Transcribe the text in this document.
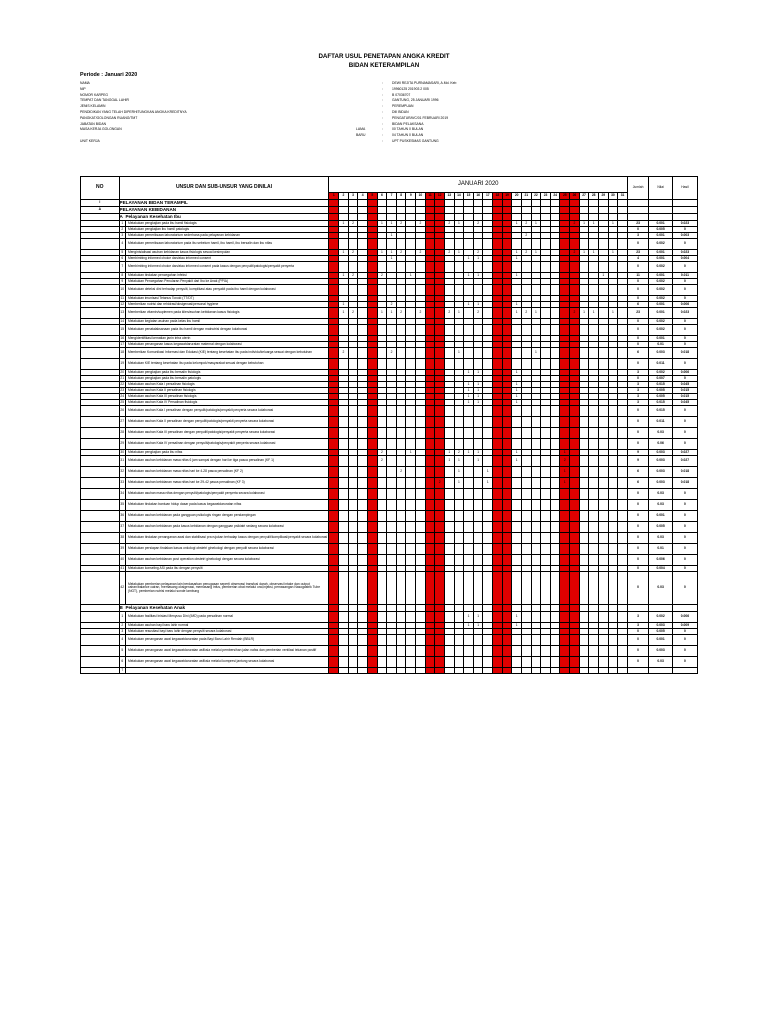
DAFTAR USUL PENETAPAN ANGKA KREDIT
BIDAN KETERAMPILAN
Periode : Januari 2020
NAMA	:	DEWI REJITA PURNAMASARI, A.Md. Keb
NIP	:	19960125 201903 2 005
NOMOR KARPEG	:	B 07036707
TEMPAT DAN TANGGAL LAHIR	:	GANTUNG, 25 JANUARI 1996
JENIS KELAMIN	:	PEREMPUAN
PENDIDIKAN YANG TELAH DIPERHITUNGKAN ANGKA KREDITNYA	:	DIII BIDAN
PANGKAT/GOLONGAN RUANG/TMT	:	PENGATUR/II/C/01 FEBRUARI 2019
JABATAN BIDAN	:	BIDAN PELAKSANA
MASA KERJA GOLONGAN	LAMA	:	00 TAHUN 0 BULAN
BARU	:	04 TAHUN 0 BULAN
UNIT KERJA	:	UPT PUSKESMAS GANTUNG
NO	UNSUR DAN SUB-UNSUR YANG DINILAI		JANUARI 2020																															Jumlah	Nilai	Hasil
			1	2	3	4	5	6	7	8	9	10	11	12	13	14	15	16	17	18	19	20	21	22	23	24	25	26	27	28	29	30	31			
I	PELAYANAN BIDAN TERAMPIL																																			
A	PELAYANAN KEBIDANAN																																			
	A Pelayanan Kesehatan Ibu																																			
	1	Melakukan pengkajian pada ibu hamil fisiologis		1	2			1	1	2		2			2	1		2				1	2	1				2	1	1		1		23	0.001	0.023
	2	Melakukan pengkajian ibu hamil patologis																																0	0.005	0
	3	Melakukan pemeriksaan laboratorium sederhana pada pelayanan kebidanan							1														2											3	0.001	0.003
	4	Melakukan pemeriksaan laboratorium pada ibu sebelum hamil, ibu hamil, ibu bersalin dan ibu nifas																																0	0.002	0
	5	Menginisialisasi asuhan kebidanan kasus fisiologis sesuai kesimpulan		1	2			1	1	2		2			2	1		2				1	2	1				2	1	1		1		23	0.001	0.023
	6	Membimbing informed choice dan/atau informed consent							1								1	1				1												4	0.001	0.004
	7	Membimbing informed choice dan/atau informed consent pada kasus dengan penyulit/patologis/penyakit penyerta																																0	0.002	0
	8	Melakukan tindakan pencegahan infeksi		1	2			2			1						1	1				1									1			11	0.001	0.011
	9	Melakukan Pencegahan Penularan Penyakit dari Ibu ke Anak (PPIA)																																0	0.002	0
	10	Melakukan deteksi dini terhadap penyulit, komplikasi atau penyakit pada ibu hamil dengan kolaborasi																																0	0.002	0
	11	Melakukan imunisasi Tetanus Toxoid (TT/DT)																																0	0.002	0
	12	Memberikan nutrisi dan rehidrasi/oksigenasi/personal hygiene		1					2								1	1				1												6	0.001	0.006
	13	Memberikan vitamin/suplemen pada klien/asuhan kebidanan kasus fisiologis		1	2			1	1	2		2			2	1		2				1	2	1				2	1	1		1		23	0.001	0.023
	14	Melakukan kegiatan asuhan pada kelas ibu hamil																																0	0.002	0
	15	Melakukan penatalaksanaan pada ibu hamil dengan malnutrisi dengan kolaborasi																																0	0.002	0
	16	Mengidentifikasi kematian janin intra uterin																																0	0.001	0
	17	Melakukan penanganan kasus kegawatdaruratan maternal dengan kolaborasi																																0	0.01	0
	18	Memberikan Komunikasi Informasi dan Edukasi (KIE) tentang kesehatan ibu pada individu/keluarga sesuai dengan kebutuhan		2					2							1								1										6	0.003	0.018
	19	Melakukan KIE tentang kesehatan ibu pada kelompok/masyarakat sesuai dengan kebutuhan																																0	0.011	0
	20	Melakukan pengkajian pada ibu bersalin fisiologis															1	1				1												3	0.002	0.006
	21	Melakukan pengkajian pada ibu bersalin patologis																																0	0.007	0
	22	Melakukan asuhan Kala I persalinan fisiologis															1	1				1												3	0.015	0.045
	23	Melakukan asuhan Kala II persalinan fisiologis															1	1				1												3	0.005	0.015
	24	Melakukan asuhan Kala III persalinan fisiologis															1	1				1												3	0.005	0.015
	25	Melakukan asuhan Kala IV Persalinan fisiologis															1	1				1												3	0.015	0.045
	26	Melakukan asuhan Kala I persalinan dengan penyulit/patologis/penyakit penyerta secara kolaborasi																																0	0.015	0
	27	Melakukan asuhan Kala II persalinan dengan penyulit/patologis/penyakit penyerta secara kolaborasi																																0	0.011	0
	28	Melakukan asuhan Kala III persalinan dengan penyulit/patologis/penyakit penyerta secara kolaborasi																																0	0.03	0
	29	Melakukan asuhan Kala IV persalinan dengan penyulit/patologis/penyakit penyerta secara kolaborasi																																0	0.06	0
	30	Melakukan pengkajian pada ibu nifas						2			1				1	2	1	1				1					1							9	0.003	0.027
	31	Melakukan asuhan kebidanan masa nifas 6 jam sampai dengan hari ke tiga pasca persalinan (KF 1)						2							1	1		1				1					2							9	0.003	0.027
	32	Melakukan asuhan kebidanan masa nifas hari ke 4-28 pasca persalinan (KF 2)								2						1			1								1							6	0.003	0.018
	33	Melakukan asuhan kebidanan masa nifas hari ke 29-42 pasca persalinan (KF 3)												2		1			1								1							6	0.003	0.018
	34	Melakukan asuhan masa nifas dengan penyulit/patologis/penyakit penyerta secara kolaborasi																																0	0.03	0
	35	Melakukan tindakan bantuan hidup dasar pada kasus kegawatdaruratan nifas																																0	0.03	0
	36	Melakukan asuhan kebidanan pada gangguan psikologis ringan dengan pendampingan																																0	0.001	0
	37	Melakukan asuhan kebidanan pada kasus kebidanan dengan gangguan psikiatri sedang secara kolaborasi																																0	0.005	0
	38	Melakukan tindakan penanganan awal dan stabilisasi pra rujukan terhadap kasus dengan penyulit/komplikasi/penyakit secara kolaborasi																																0	0.03	0
	39	Melakukan persiapan tindakan kasus onkologi obstetri ginekologi dengan penyulit secara kolaborasi																																0	0.01	0
	40	Melakukan asuhan kebidanan post operation obstetri ginekologi dengan secara kolaborasi																																0	0.006	0
	41	Melakukan konseling ASI pada ibu dengan penyulit																																0	0.004	0
	42	Melakukan pemberian pelayanan lain berdasarkan penugasan seperti observasi transfusi darah, observasi intake dan output cairan/balance cairan, memasang oksigenasi, memasang infus, pemberian obat melalui oral,injeksi, pemasangan Nasogastrik Tube (NGT), pemberian nutrisi melalui sonde lambung																																0	0.03	0
	B Pelayanan Kesehatan Anak																																			
	1	Melakukan fasilitasi Inisiasi Menyusu Dini (IMD) pada persalinan normal															1	1				1												3	0.002	0.006
	2	Melakukan asuhan bayi baru lahir normal															1	1				1												3	0.003	0.009
	3	Melakukan resusitasi bayi baru lahir dengan penyulit secara kolaborasi																																0	0.005	0
	4	Melakukan penanganan awal kegawatdaruratan pada Bayi Baru Lahir Rendah (BBLR)																																0	0.001	0
	5	Melakukan penanganan awal kegawatdaruratan asfiksia melalui pembersihan jalan nafas dan pemberian ventilasi tekanan positif																																0	0.003	0
	6	Melakukan penanganan awal kegawatdaruratan asfiksia melalui kompresi jantung secara kolaborasi																																0	0.03	0
	7																																			
